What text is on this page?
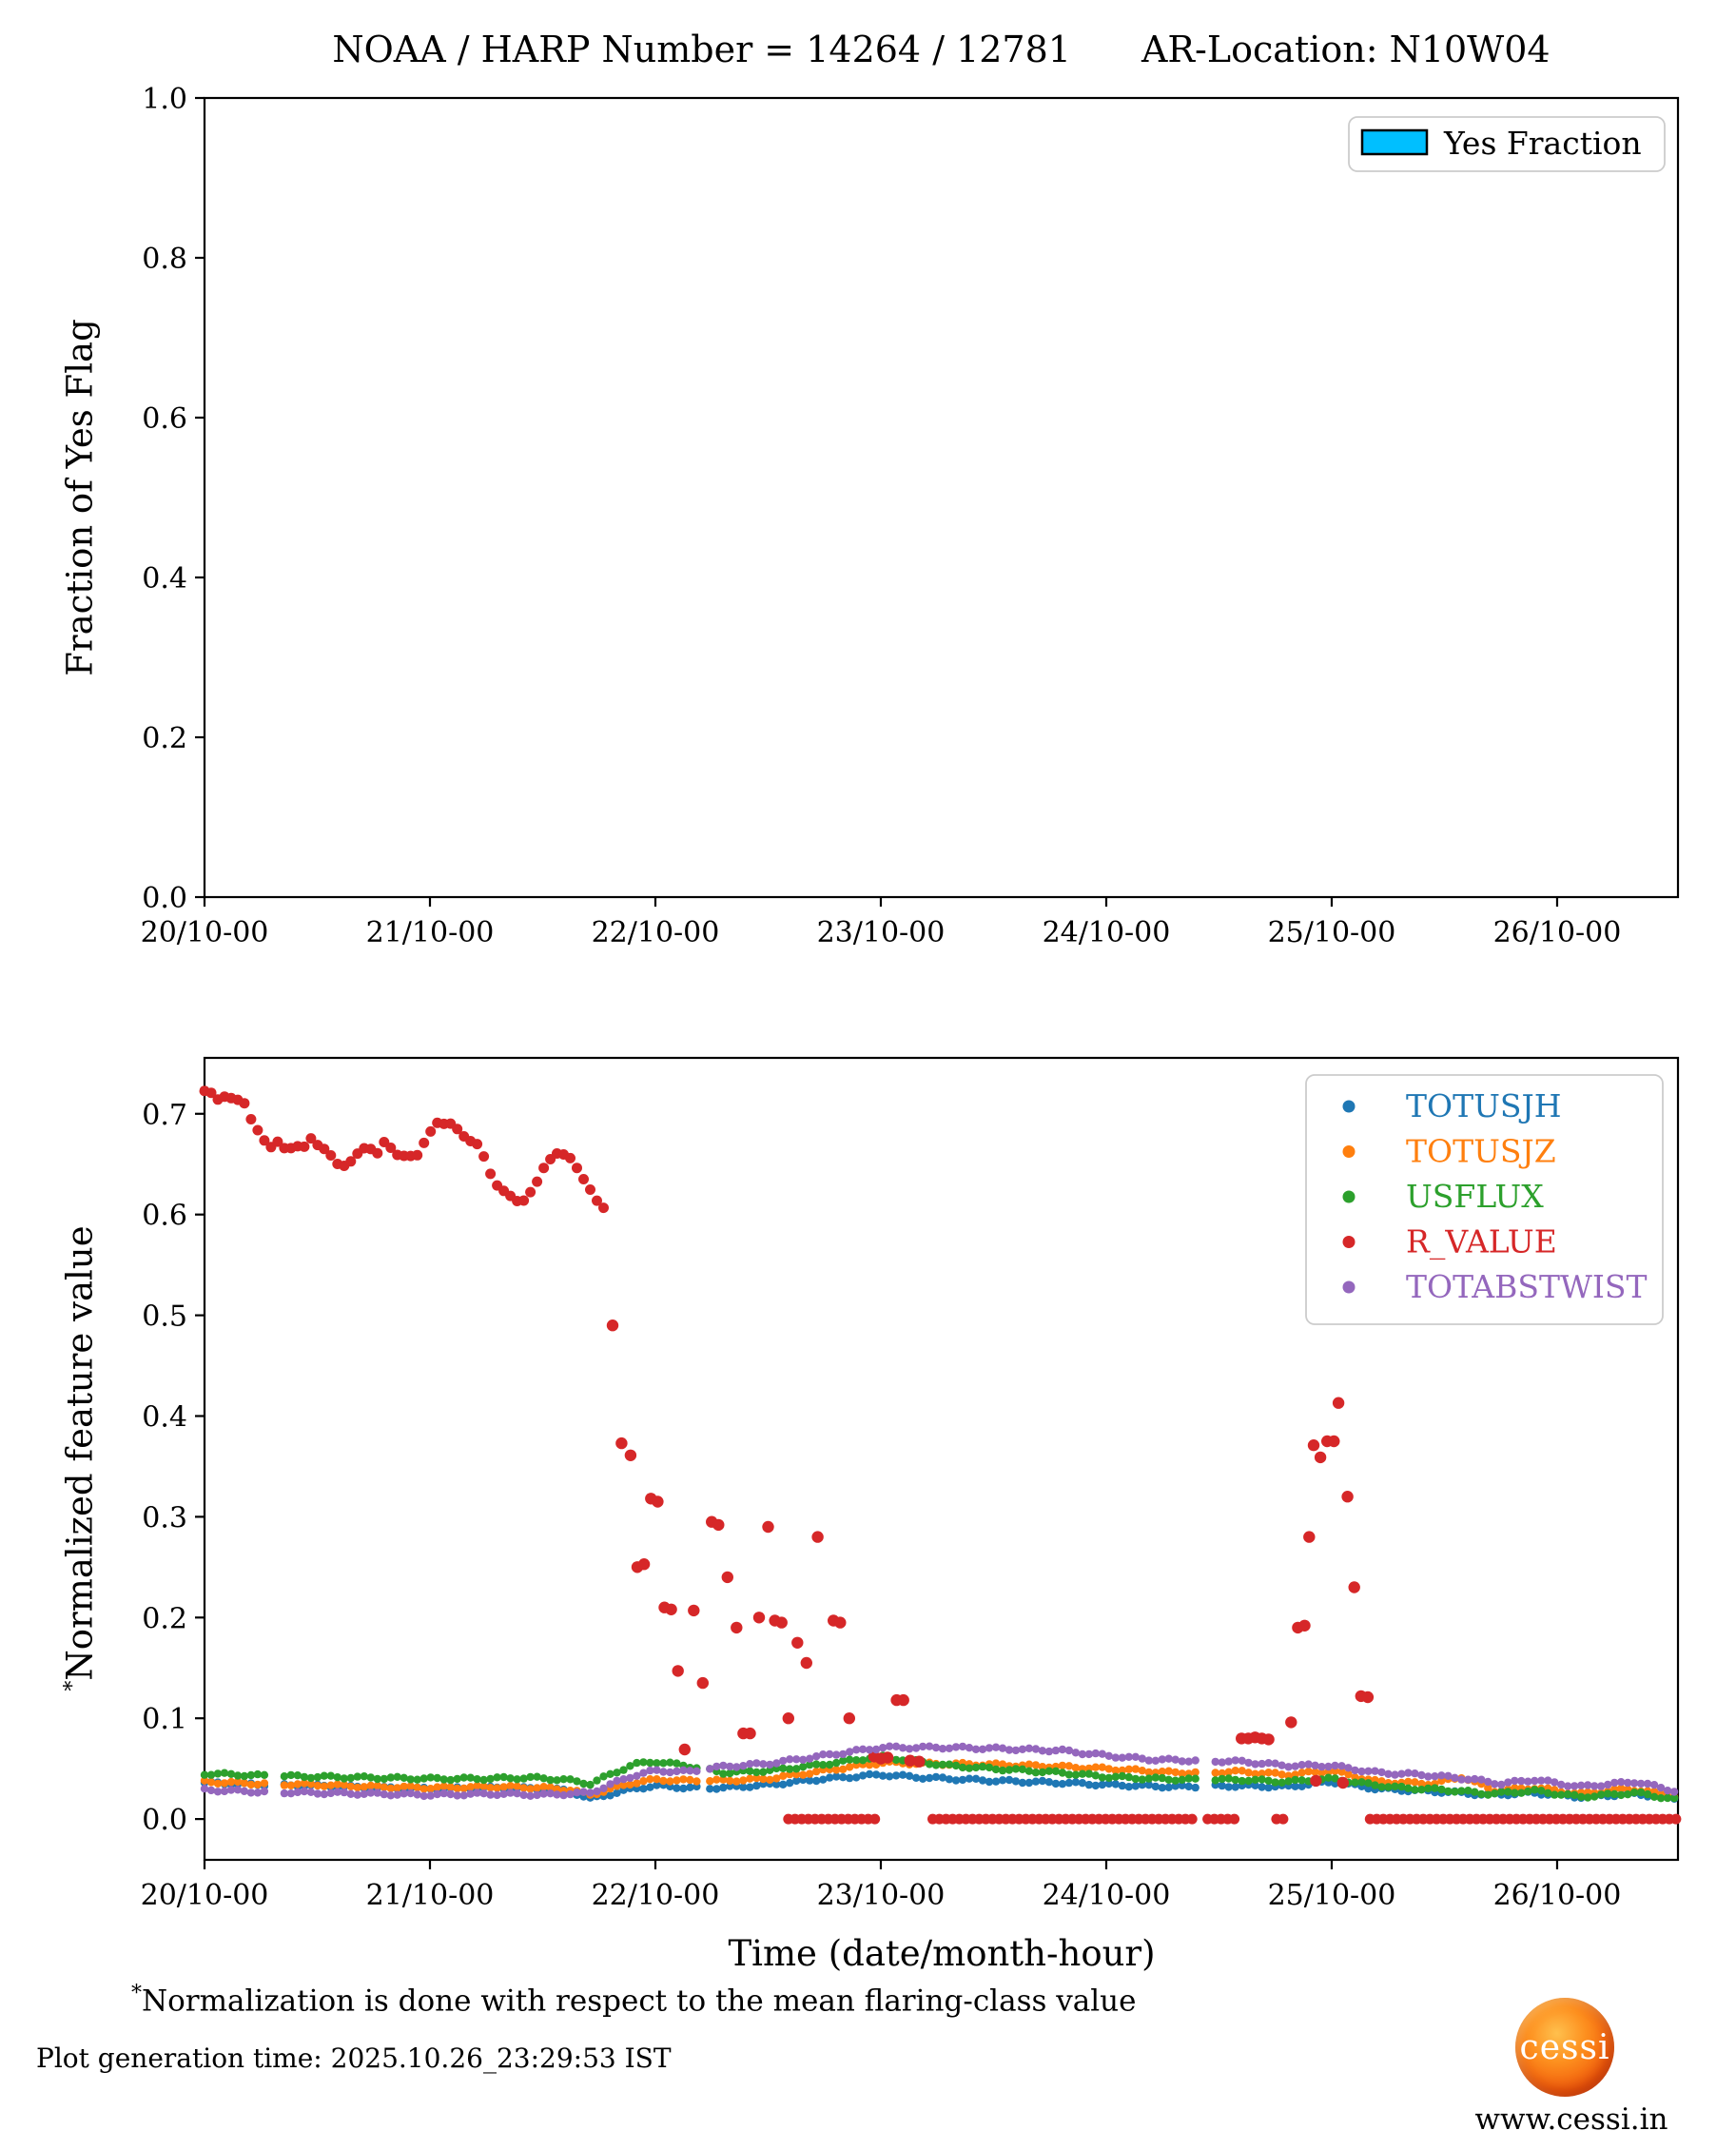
20/10-00	21/10-00	22/10-00	23/10-00	24/10-00	25/10-00	26/10-00
0.0
0.2
0.4
0.6
0.8
1.0
Yes Fraction
20/10-00	21/10-00	22/10-00	23/10-00	24/10-00	25/10-00	26/10-00
0.0
0.1
0.2
0.3
0.4
0.5
0.6
0.7	TOTUSJH
TOTUSJZ
USFLUX
R_VALUE
TOTABSTWIST
NOAA / HARP Number = 14264 / 12781 AR-Location: N10W04
Fraction of Yes Flag
*Normalized feature value
Time (date/month-hour)
*Normalization is done with respect to the mean flaring-class value
Plot generation time: 2025.10.26_23:29:53 IST	cessi
www.cessi.in
